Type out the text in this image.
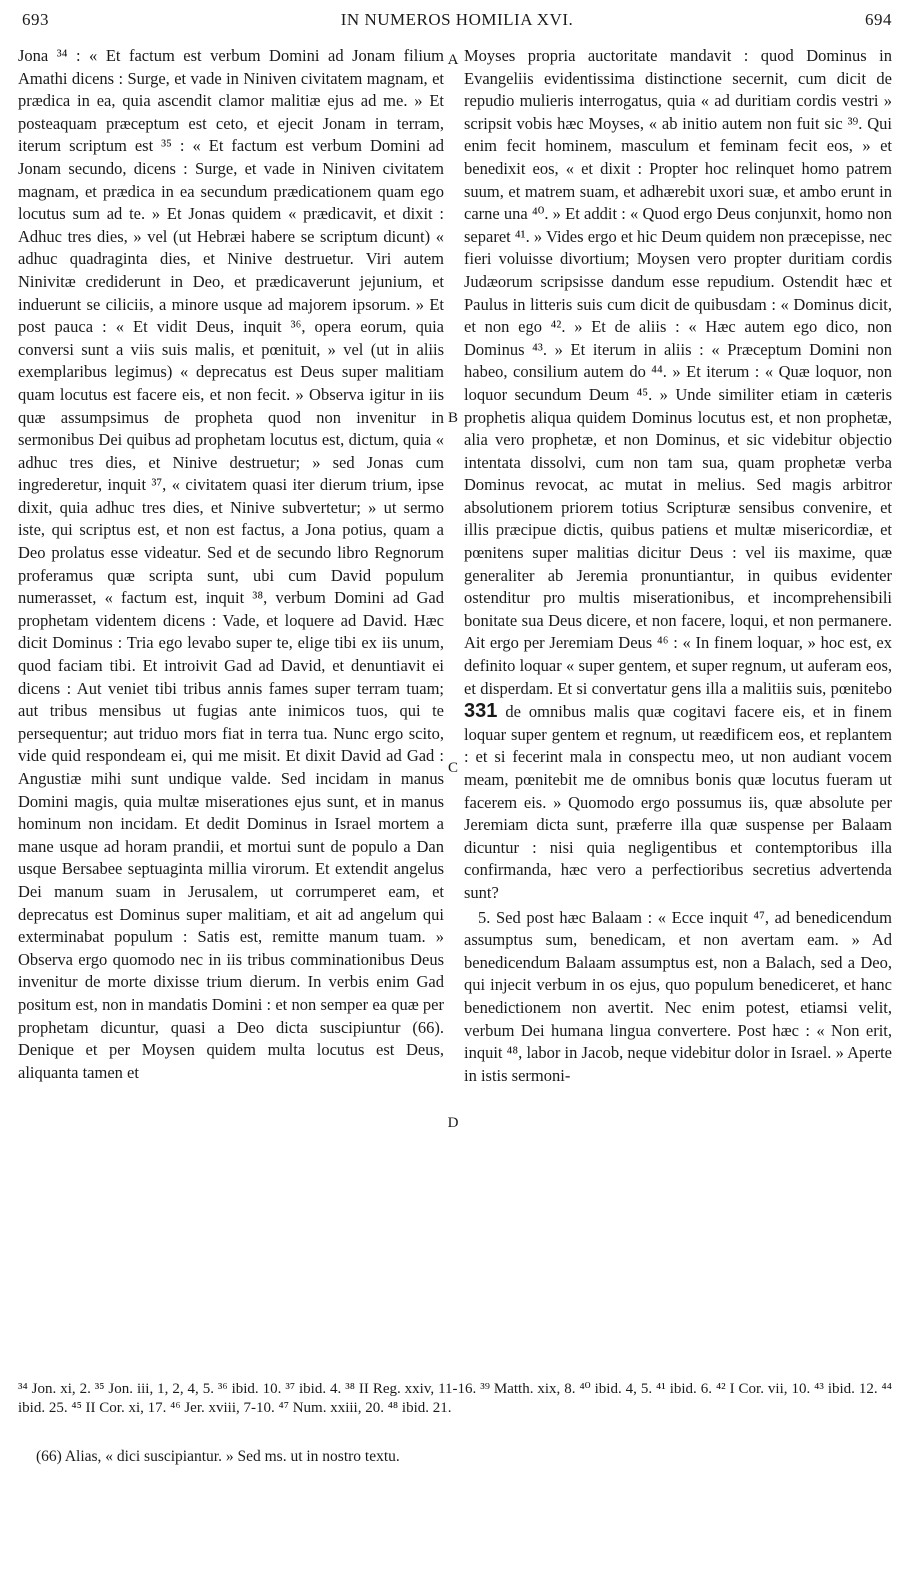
693	IN NUMEROS HOMILIA XVI.	694

Jona ³⁴ : « Et factum est verbum Domini ad Jonam filium Amathi dicens : Surge, et vade in Niniven civitatem magnam, et prædica in ea, quia ascendit clamor malitiæ ejus ad me. » Et posteaquam præceptum est ceto, et ejecit Jonam in terram, iterum scriptum est ³⁵ : « Et factum est verbum Domini ad Jonam secundo, dicens : Surge, et vade in Niniven civitatem magnam, et prædica in ea secundum prædicationem quam ego locutus sum ad te. » Et Jonas quidem « prædicavit, et dixit : Adhuc tres dies, » vel (ut Hebræi habere se scriptum dicunt) « adhuc quadraginta dies, et Ninive destruetur. Viri autem Ninivitæ crediderunt in Deo, et prædicaverunt jejunium, et induerunt se ciliciis, a minore usque ad majorem ipsorum. » Et post pauca : « Et vidit Deus, inquit ³⁶, opera eorum, quia conversi sunt a viis suis malis, et pœnituit, » vel (ut in aliis exemplaribus legimus) « deprecatus est Deus super malitiam quam locutus est facere eis, et non fecit. » Observa igitur in iis quæ assumpsimus de propheta quod non invenitur in sermonibus Dei quibus ad prophetam locutus est, dictum, quia « adhuc tres dies, et Ninive destruetur; » sed Jonas cum ingrederetur, inquit ³⁷, « civitatem quasi iter dierum trium, ipse dixit, quia adhuc tres dies, et Ninive subvertetur; » ut sermo iste, qui scriptus est, et non est factus, a Jona potius, quam a Deo prolatus esse videatur. Sed et de secundo libro Regnorum proferamus quæ scripta sunt, ubi cum David populum numerasset, « factum est, inquit ³⁸, verbum Domini ad Gad prophetam videntem dicens : Vade, et loquere ad David. Hæc dicit Dominus : Tria ego levabo super te, elige tibi ex iis unum, quod faciam tibi. Et introivit Gad ad David, et denuntiavit ei dicens : Aut veniet tibi tribus annis fames super terram tuam; aut tribus mensibus ut fugias ante inimicos tuos, qui te persequentur; aut triduo mors fiat in terra tua. Nunc ergo scito, vide quid respondeam ei, qui me misit. Et dixit David ad Gad : Angustiæ mihi sunt undique valde. Sed incidam in manus Domini magis, quia multæ miserationes ejus sunt, et in manus hominum non incidam. Et dedit Dominus in Israel mortem a mane usque ad horam prandii, et mortui sunt de populo a Dan usque Bersabee septuaginta millia virorum. Et extendit angelus Dei manum suam in Jerusalem, ut corrumperet eam, et deprecatus est Dominus super malitiam, et ait ad angelum qui exterminabat populum : Satis est, remitte manum tuam. » Observa ergo quomodo nec in iis tribus comminationibus Deus invenitur de morte dixisse trium dierum. In verbis enim Gad positum est, non in mandatis Domini : et non semper ea quæ per prophetam dicuntur, quasi a Deo dicta suscipiuntur (66). Denique et per Moysen quidem multa locutus est Deus, aliquanta tamen et

A
B
C
D

Moyses propria auctoritate mandavit : quod Dominus in Evangeliis evidentissima distinctione secernit, cum dicit de repudio mulieris interrogatus, quia « ad duritiam cordis vestri » scripsit vobis hæc Moyses, « ab initio autem non fuit sic ³⁹. Qui enim fecit hominem, masculum et feminam fecit eos, » et benedixit eos, « et dixit : Propter hoc relinquet homo patrem suum, et matrem suam, et adhærebit uxori suæ, et ambo erunt in carne una ⁴⁰. » Et addit : « Quod ergo Deus conjunxit, homo non separet ⁴¹. » Vides ergo et hic Deum quidem non præcepisse, nec fieri voluisse divortium; Moysen vero propter duritiam cordis Judæorum scripsisse dandum esse repudium. Ostendit hæc et Paulus in litteris suis cum dicit de quibusdam : « Dominus dicit, et non ego ⁴². » Et de aliis : « Hæc autem ego dico, non Dominus ⁴³. » Et iterum in aliis : « Præceptum Domini non habeo, consilium autem do ⁴⁴. » Et iterum : « Quæ loquor, non loquor secundum Deum ⁴⁵. » Unde similiter etiam in cæteris prophetis aliqua quidem Dominus locutus est, et non prophetæ, alia vero prophetæ, et non Dominus, et sic videbitur objectio intentata dissolvi, cum non tam sua, quam prophetæ verba Dominus revocat, ac mutat in melius. Sed magis arbitror absolutionem priorem totius Scripturæ sensibus convenire, et illis præcipue dictis, quibus patiens et multæ misericordiæ, et pœnitens super malitias dicitur Deus : vel iis maxime, quæ generaliter ab Jeremia pronuntiantur, in quibus evidenter ostenditur pro multis miserationibus, et incomprehensibili bonitate sua Deus dicere, et non facere, loqui, et non permanere. Ait ergo per Jeremiam Deus ⁴⁶ : « In finem loquar, » hoc est, ex definito loquar « super gentem, et super regnum, ut auferam eos, et disperdam. Et si convertatur gens illa a malitiis suis, pœnitebo 331 de omnibus malis quæ cogitavi facere eis, et in finem loquar super gentem et regnum, ut reædificem eos, et replantem : et si fecerint mala in conspectu meo, ut non audiant vocem meam, pœnitebit me de omnibus bonis quæ locutus fueram ut facerem eis. » Quomodo ergo possumus iis, quæ absolute per Jeremiam dicta sunt, præferre illa quæ suspense per Balaam dicuntur : nisi quia negligentibus et contemptoribus illa confirmanda, hæc vero a perfectioribus secretius advertenda sunt?

5. Sed post hæc Balaam : « Ecce inquit ⁴⁷, ad benedicendum assumptus sum, benedicam, et non avertam eam. » Ad benedicendum Balaam assumptus est, non a Balach, sed a Deo, qui injecit verbum in os ejus, quo populum benediceret, et hanc benedictionem non avertit. Nec enim potest, etiamsi velit, verbum Dei humana lingua convertere. Post hæc : « Non erit, inquit ⁴⁸, labor in Jacob, neque videbitur dolor in Israel. » Aperte in istis sermoni-

³⁴ Jon. xi, 2. ³⁵ Jon. iii, 1, 2, 4, 5. ³⁶ ibid. 10. ³⁷ ibid. 4. ³⁸ II Reg. xxiv, 11-16. ³⁹ Matth. xix, 8. ⁴⁰ ibid. 4, 5. ⁴¹ ibid. 6. ⁴² I Cor. vii, 10. ⁴³ ibid. 12. ⁴⁴ ibid. 25. ⁴⁵ II Cor. xi, 17. ⁴⁶ Jer. xviii, 7-10. ⁴⁷ Num. xxiii, 20. ⁴⁸ ibid. 21.
(66) Alias, « dici suscipiantur. » Sed ms. ut in nostro textu.
